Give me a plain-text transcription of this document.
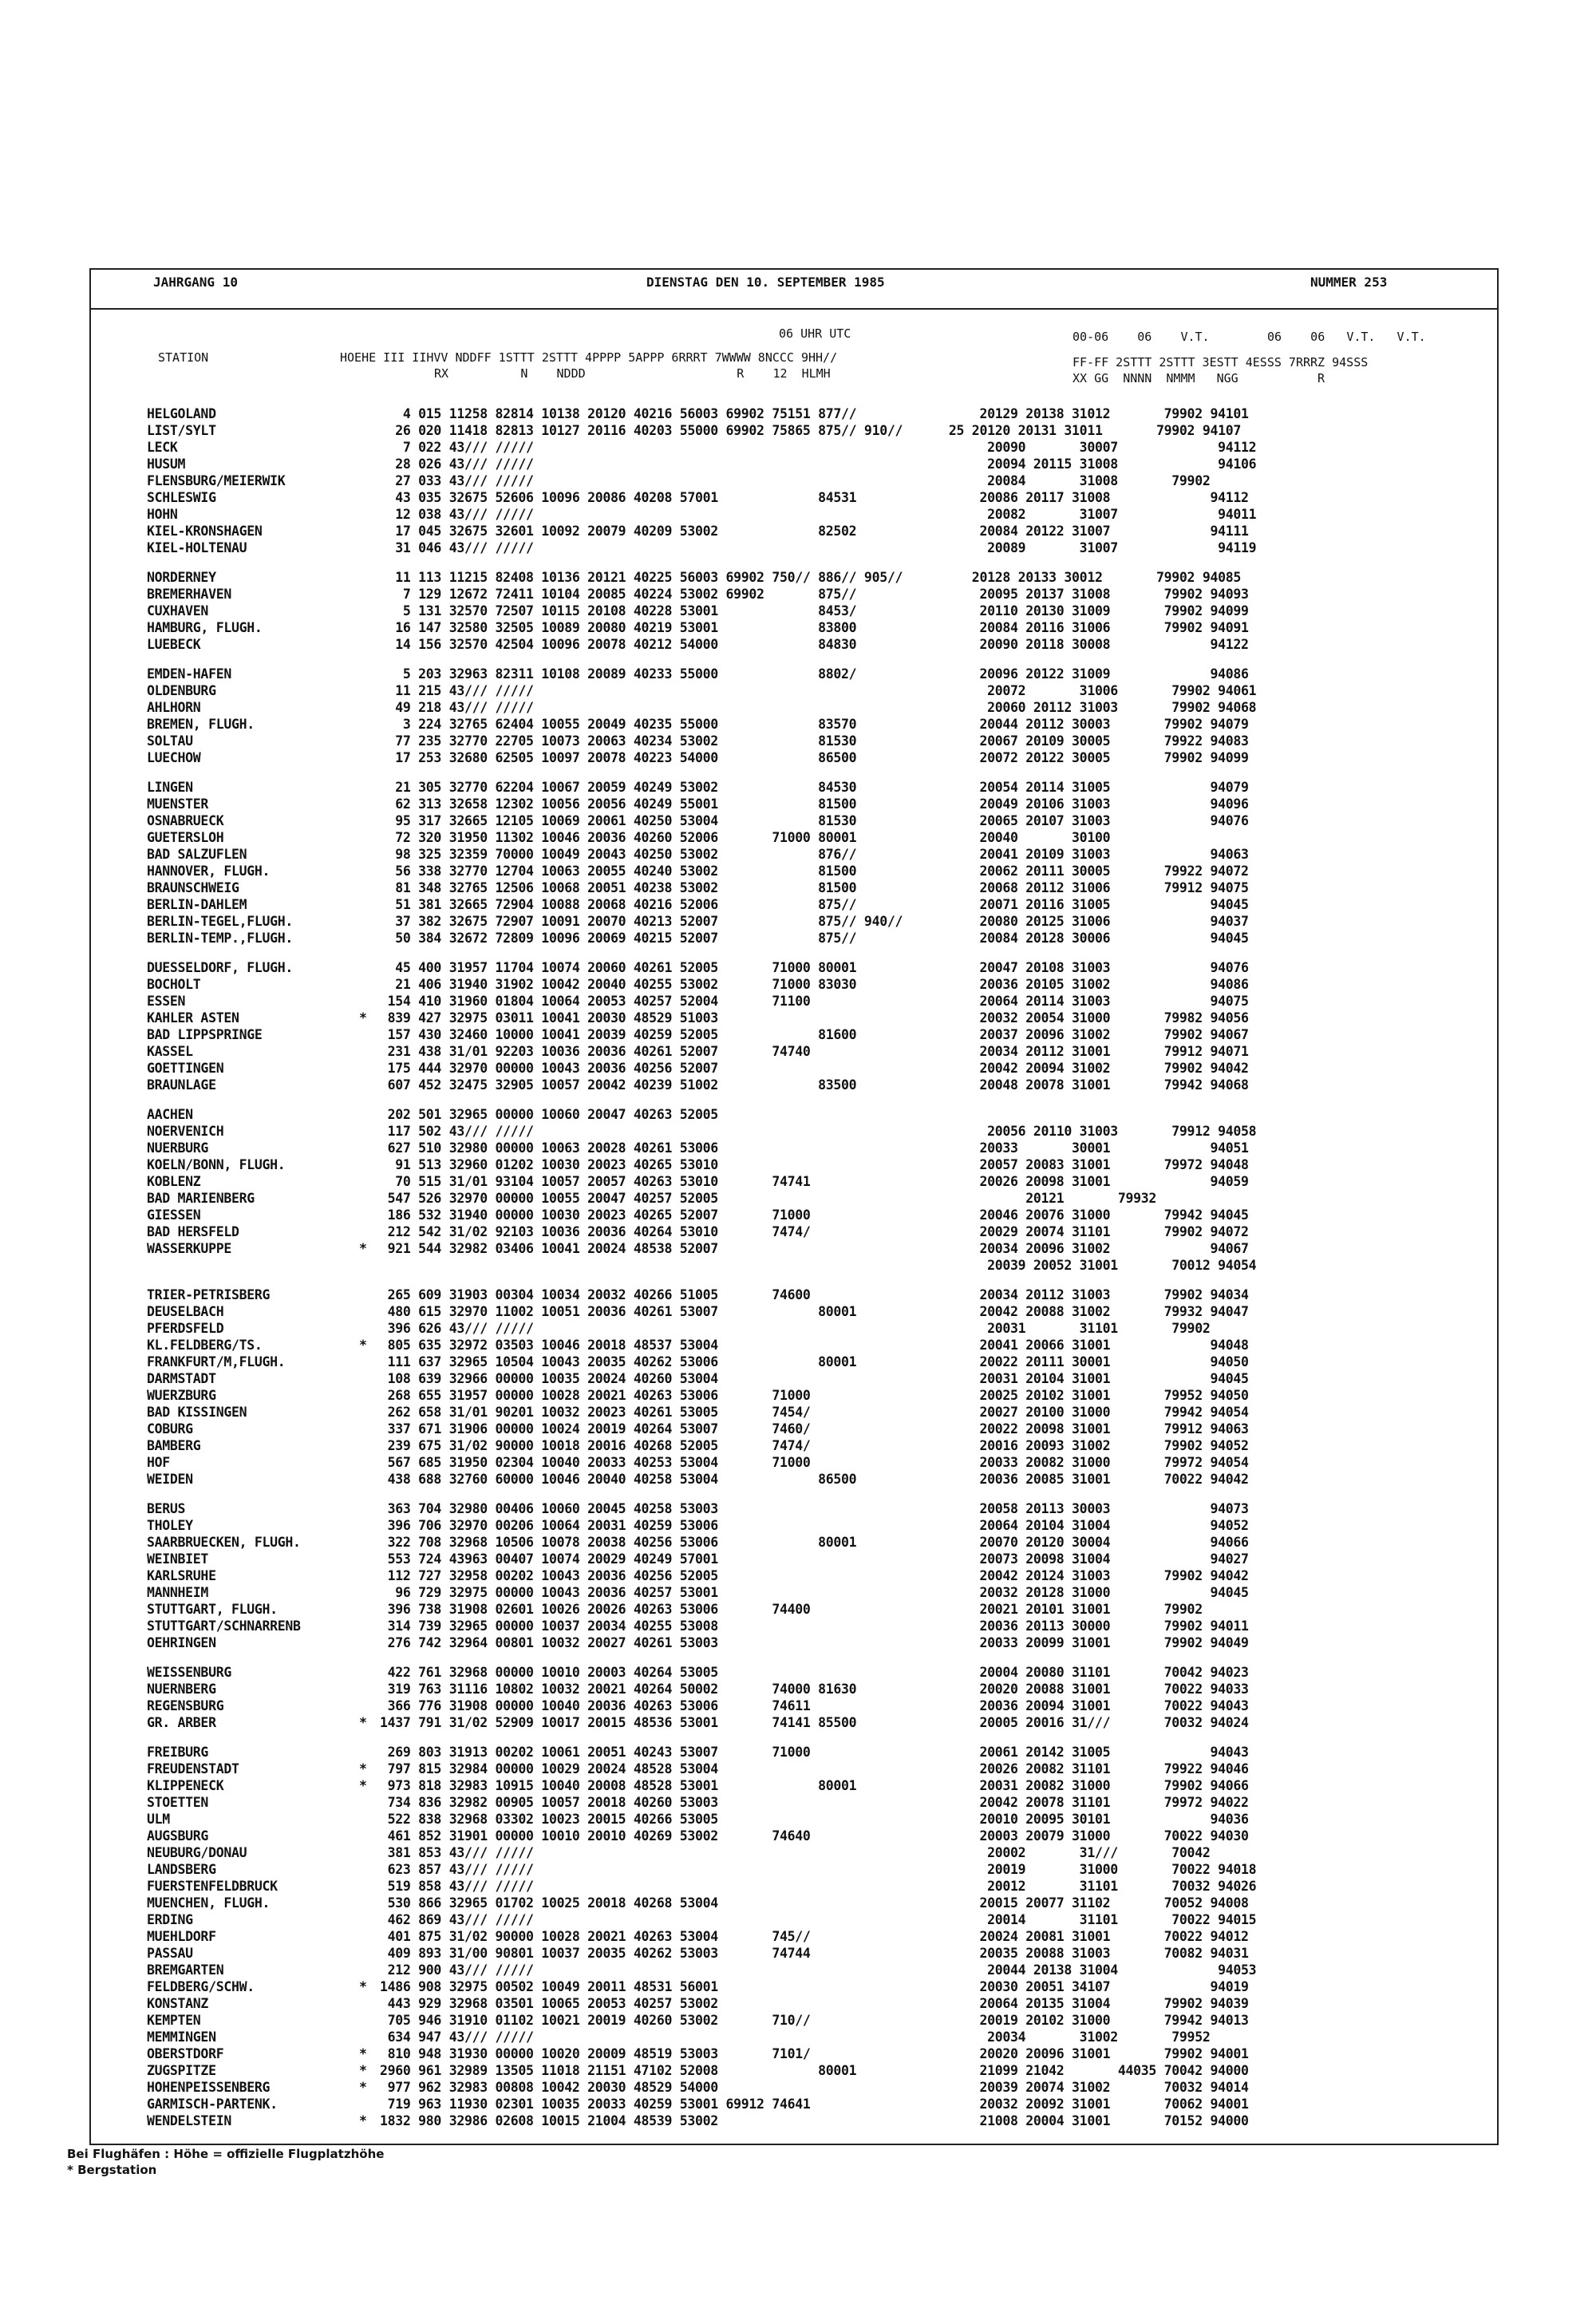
JAHRGANG 10	DIENSTAG DEN 10. SEPTEMBER 1985	NUMMER 253
STATION
06 UHR UTC
HOEHE III IIHVV NDDFF 1STTT 2STTT 4PPPP 5APPP 6RRRT 7WWWW 8NCCC 9HH//
RX          N    NDDD                     R    12  HLMH
00-06    06    V.T.	06    06   V.T.   V.T.
FF-FF 2STTT 2STTT 3ESTT 4ESSS 7RRRZ 94SSS
XX GG  NNNN  NMMM   NGG           R
HELGOLAND	4 015 11258 82814 10138 20120 40216 56003 69902 75151 877//                20129 20138 31012       79902 94101
LIST/SYLT	26 020 11418 82813 10127 20116 40203 55000 69902 75865 875// 910//      25 20120 20131 31011       79902 94107
LECK	7 022 43/// /////                                                           20090       30007             94112
HUSUM	28 026 43/// /////                                                           20094 20115 31008             94106
FLENSBURG/MEIERWIK	27 033 43/// /////                                                           20084       31008       79902
SCHLESWIG	43 035 32675 52606 10096 20086 40208 57001             84531                20086 20117 31008             94112
HOHN	12 038 43/// /////                                                           20082       31007             94011
KIEL-KRONSHAGEN	17 045 32675 32601 10092 20079 40209 53002             82502                20084 20122 31007             94111
KIEL-HOLTENAU	31 046 43/// /////                                                           20089       31007             94119
NORDERNEY	11 113 11215 82408 10136 20121 40225 56003 69902 750// 886// 905//         20128 20133 30012       79902 94085
BREMERHAVEN	7 129 12672 72411 10104 20085 40224 53002 69902       875//                20095 20137 31008       79902 94093
CUXHAVEN	5 131 32570 72507 10115 20108 40228 53001             8453/                20110 20130 31009       79902 94099
HAMBURG, FLUGH.	16 147 32580 32505 10089 20080 40219 53001             83800                20084 20116 31006       79902 94091
LUEBECK	14 156 32570 42504 10096 20078 40212 54000             84830                20090 20118 30008             94122
EMDEN-HAFEN	5 203 32963 82311 10108 20089 40233 55000             8802/                20096 20122 31009             94086
OLDENBURG	11 215 43/// /////                                                           20072       31006       79902 94061
AHLHORN	49 218 43/// /////                                                           20060 20112 31003       79902 94068
BREMEN, FLUGH.	3 224 32765 62404 10055 20049 40235 55000             83570                20044 20112 30003       79902 94079
SOLTAU	77 235 32770 22705 10073 20063 40234 53002             81530                20067 20109 30005       79922 94083
LUECHOW	17 253 32680 62505 10097 20078 40223 54000             86500                20072 20122 30005       79902 94099
LINGEN	21 305 32770 62204 10067 20059 40249 53002             84530                20054 20114 31005             94079
MUENSTER	62 313 32658 12302 10056 20056 40249 55001             81500                20049 20106 31003             94096
OSNABRUECK	95 317 32665 12105 10069 20061 40250 53004             81530                20065 20107 31003             94076
GUETERSLOH	72 320 31950 11302 10046 20036 40260 52006       71000 80001                20040       30100
BAD SALZUFLEN	98 325 32359 70000 10049 20043 40250 53002             876//                20041 20109 31003             94063
HANNOVER, FLUGH.	56 338 32770 12704 10063 20055 40240 53002             81500                20062 20111 30005       79922 94072
BRAUNSCHWEIG	81 348 32765 12506 10068 20051 40238 53002             81500                20068 20112 31006       79912 94075
BERLIN-DAHLEM	51 381 32665 72904 10088 20068 40216 52006             875//                20071 20116 31005             94045
BERLIN-TEGEL,FLUGH.	37 382 32675 72907 10091 20070 40213 52007             875// 940//          20080 20125 31006             94037
BERLIN-TEMP.,FLUGH.	50 384 32672 72809 10096 20069 40215 52007             875//                20084 20128 30006             94045
DUESSELDORF, FLUGH.	45 400 31957 11704 10074 20060 40261 52005       71000 80001                20047 20108 31003             94076
BOCHOLT	21 406 31940 31902 10042 20040 40255 53002       71000 83030                20036 20105 31002             94086
ESSEN	154 410 31960 01804 10064 20053 40257 52004       71100                      20064 20114 31003             94075
KAHLER ASTEN	* 839 427 32975 03011 10041 20030 48529 51003                                  20032 20054 31000       79982 94056
BAD LIPPSPRINGE	157 430 32460 10000 10041 20039 40259 52005             81600                20037 20096 31002       79902 94067
KASSEL	231 438 31/01 92203 10036 20036 40261 52007       74740                      20034 20112 31001       79912 94071
GOETTINGEN	175 444 32970 00000 10043 20036 40256 52007                                  20042 20094 31002       79902 94042
BRAUNLAGE	607 452 32475 32905 10057 20042 40239 51002             83500                20048 20078 31001       79942 94068
AACHEN	202 501 32965 00000 10060 20047 40263 52005
NOERVENICH	117 502 43/// /////                                                           20056 20110 31003       79912 94058
NUERBURG	627 510 32980 00000 10063 20028 40261 53006                                  20033       30001             94051
KOELN/BONN, FLUGH.	91 513 32960 01202 10030 20023 40265 53010                                  20057 20083 31001       79972 94048
KOBLENZ	70 515 31/01 93104 10057 20057 40263 53010       74741                      20026 20098 31001             94059
BAD MARIENBERG	547 526 32970 00000 10055 20047 40257 52005                                        20121       79932
GIESSEN	186 532 31940 00000 10030 20023 40265 52007       71000                      20046 20076 31000       79942 94045
BAD HERSFELD	212 542 31/02 92103 10036 20036 40264 53010       7474/                      20029 20074 31101       79902 94072
WASSERKUPPE	* 921 544 32982 03406 10041 20024 48538 52007                                  20034 20096 31002             94067
20039 20052 31001       70012 94054
TRIER-PETRISBERG	265 609 31903 00304 10034 20032 40266 51005       74600                      20034 20112 31003       79902 94034
DEUSELBACH	480 615 32970 11002 10051 20036 40261 53007             80001                20042 20088 31002       79932 94047
PFERDSFELD	396 626 43/// /////                                                           20031       31101       79902
KL.FELDBERG/TS.	* 805 635 32972 03503 10046 20018 48537 53004                                  20041 20066 31001             94048
FRANKFURT/M,FLUGH.	111 637 32965 10504 10043 20035 40262 53006             80001                20022 20111 30001             94050
DARMSTADT	108 639 32966 00000 10035 20024 40260 53004                                  20031 20104 31001             94045
WUERZBURG	268 655 31957 00000 10028 20021 40263 53006       71000                      20025 20102 31001       79952 94050
BAD KISSINGEN	262 658 31/01 90201 10032 20023 40261 53005       7454/                      20027 20100 31000       79942 94054
COBURG	337 671 31906 00000 10024 20019 40264 53007       7460/                      20022 20098 31001       79912 94063
BAMBERG	239 675 31/02 90000 10018 20016 40268 52005       7474/                      20016 20093 31002       79902 94052
HOF	567 685 31950 02304 10040 20033 40253 53004       71000                      20033 20082 31000       79972 94054
WEIDEN	438 688 32760 60000 10046 20040 40258 53004             86500                20036 20085 31001       70022 94042
BERUS	363 704 32980 00406 10060 20045 40258 53003                                  20058 20113 30003             94073
THOLEY	396 706 32970 00206 10064 20031 40259 53006                                  20064 20104 31004             94052
SAARBRUECKEN, FLUGH.	322 708 32968 10506 10078 20038 40256 53006             80001                20070 20120 30004             94066
WEINBIET	553 724 43963 00407 10074 20029 40249 57001                                  20073 20098 31004             94027
KARLSRUHE	112 727 32958 00202 10043 20036 40256 52005                                  20042 20124 31003       79902 94042
MANNHEIM	96 729 32975 00000 10043 20036 40257 53001                                  20032 20128 31000             94045
STUTTGART, FLUGH.	396 738 31908 02601 10026 20026 40263 53006       74400                      20021 20101 31001       79902
STUTTGART/SCHNARRENB	314 739 32965 00000 10037 20034 40255 53008                                  20036 20113 30000       79902 94011
OEHRINGEN	276 742 32964 00801 10032 20027 40261 53003                                  20033 20099 31001       79902 94049
WEISSENBURG	422 761 32968 00000 10010 20003 40264 53005                                  20004 20080 31101       70042 94023
NUERNBERG	319 763 31116 10802 10032 20021 40264 50002       74000 81630                20020 20088 31001       70022 94033
REGENSBURG	366 776 31908 00000 10040 20036 40263 53006       74611                      20036 20094 31001       70022 94043
GR. ARBER	* 1437 791 31/02 52909 10017 20015 48536 53001       74141 85500                20005 20016 31///       70032 94024
FREIBURG	269 803 31913 00202 10061 20051 40243 53007       71000                      20061 20142 31005             94043
FREUDENSTADT	* 797 815 32984 00000 10029 20024 48528 53004                                  20026 20082 31101       79922 94046
KLIPPENECK	* 973 818 32983 10915 10040 20008 48528 53001             80001                20031 20082 31000       79902 94066
STOETTEN	734 836 32982 00905 10057 20018 40260 53003                                  20042 20078 31101       79972 94022
ULM	522 838 32968 03302 10023 20015 40266 53005                                  20010 20095 30101             94036
AUGSBURG	461 852 31901 00000 10010 20010 40269 53002       74640                      20003 20079 31000       70022 94030
NEUBURG/DONAU	381 853 43/// /////                                                           20002       31///       70042
LANDSBERG	623 857 43/// /////                                                           20019       31000       70022 94018
FUERSTENFELDBRUCK	519 858 43/// /////                                                           20012       31101       70032 94026
MUENCHEN, FLUGH.	530 866 32965 01702 10025 20018 40268 53004                                  20015 20077 31102       70052 94008
ERDING	462 869 43/// /////                                                           20014       31101       70022 94015
MUEHLDORF	401 875 31/02 90000 10028 20021 40263 53004       745//                      20024 20081 31001       70022 94012
PASSAU	409 893 31/00 90801 10037 20035 40262 53003       74744                      20035 20088 31003       70082 94031
BREMGARTEN	212 900 43/// /////                                                           20044 20138 31004             94053
FELDBERG/SCHW.	* 1486 908 32975 00502 10049 20011 48531 56001                                  20030 20051 34107             94019
KONSTANZ	443 929 32968 03501 10065 20053 40257 53002                                  20064 20135 31004       79902 94039
KEMPTEN	705 946 31910 01102 10021 20019 40260 53002       710//                      20019 20102 31000       79942 94013
MEMMINGEN	634 947 43/// /////                                                           20034       31002       79952
OBERSTDORF	* 810 948 31930 00000 10020 20009 48519 53003       7101/                      20020 20096 31001       79902 94001
ZUGSPITZE	* 2960 961 32989 13505 11018 21151 47102 52008             80001                21099 21042       44035 70042 94000
HOHENPEISSENBERG	* 977 962 32983 00808 10042 20030 48529 54000                                  20039 20074 31002       70032 94014
GARMISCH-PARTENK.	719 963 11930 02301 10035 20033 40259 53001 69912 74641                      20032 20092 31001       70062 94001
WENDELSTEIN	* 1832 980 32986 02608 10015 21004 48539 53002                                  21008 20004 31001       70152 94000
Bei Flughäfen : Höhe = offizielle Flugplatzhöhe
* Bergstation
